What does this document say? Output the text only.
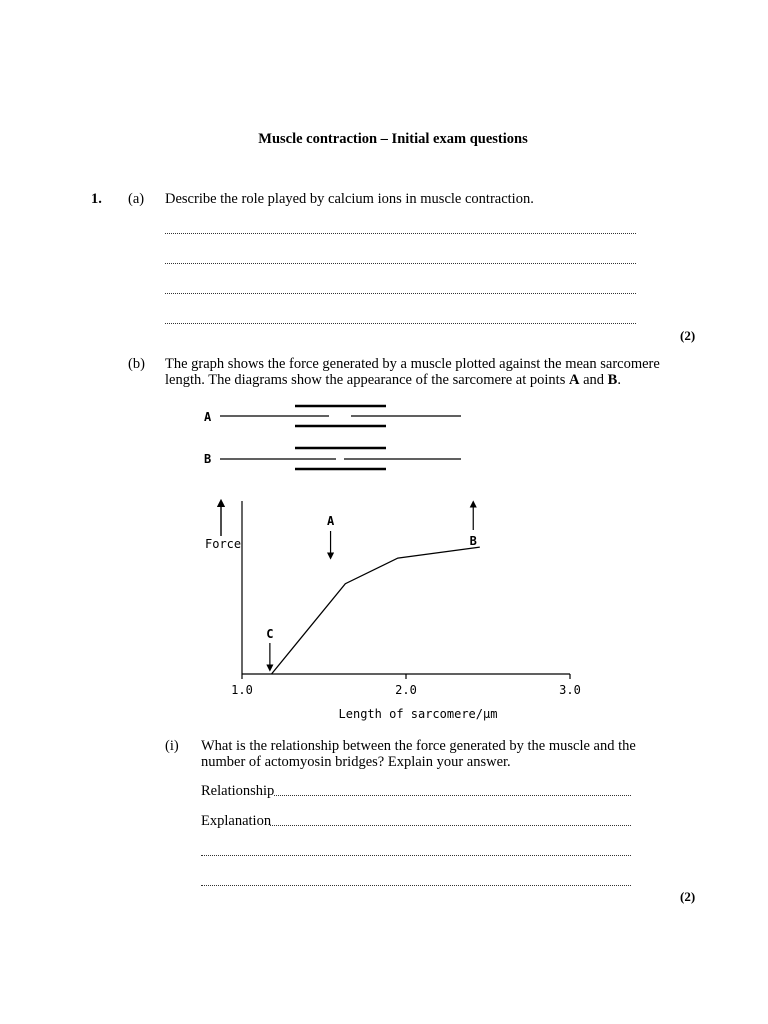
Muscle contraction – Initial exam questions
1. (a) Describe the role played by calcium ions in muscle contraction.
(2)
(b) The graph shows the force generated by a muscle plotted against the mean sarcomere
length. The diagrams show the appearance of the sarcomere at points A and B.
A
B
Force
Length of sarcomere/μm
1.0	2.0	3.0
A
B
C
(i) What is the relationship between the force generated by the muscle and the
number of actomyosin bridges? Explain your answer.
Relationship
Explanation
(2)
